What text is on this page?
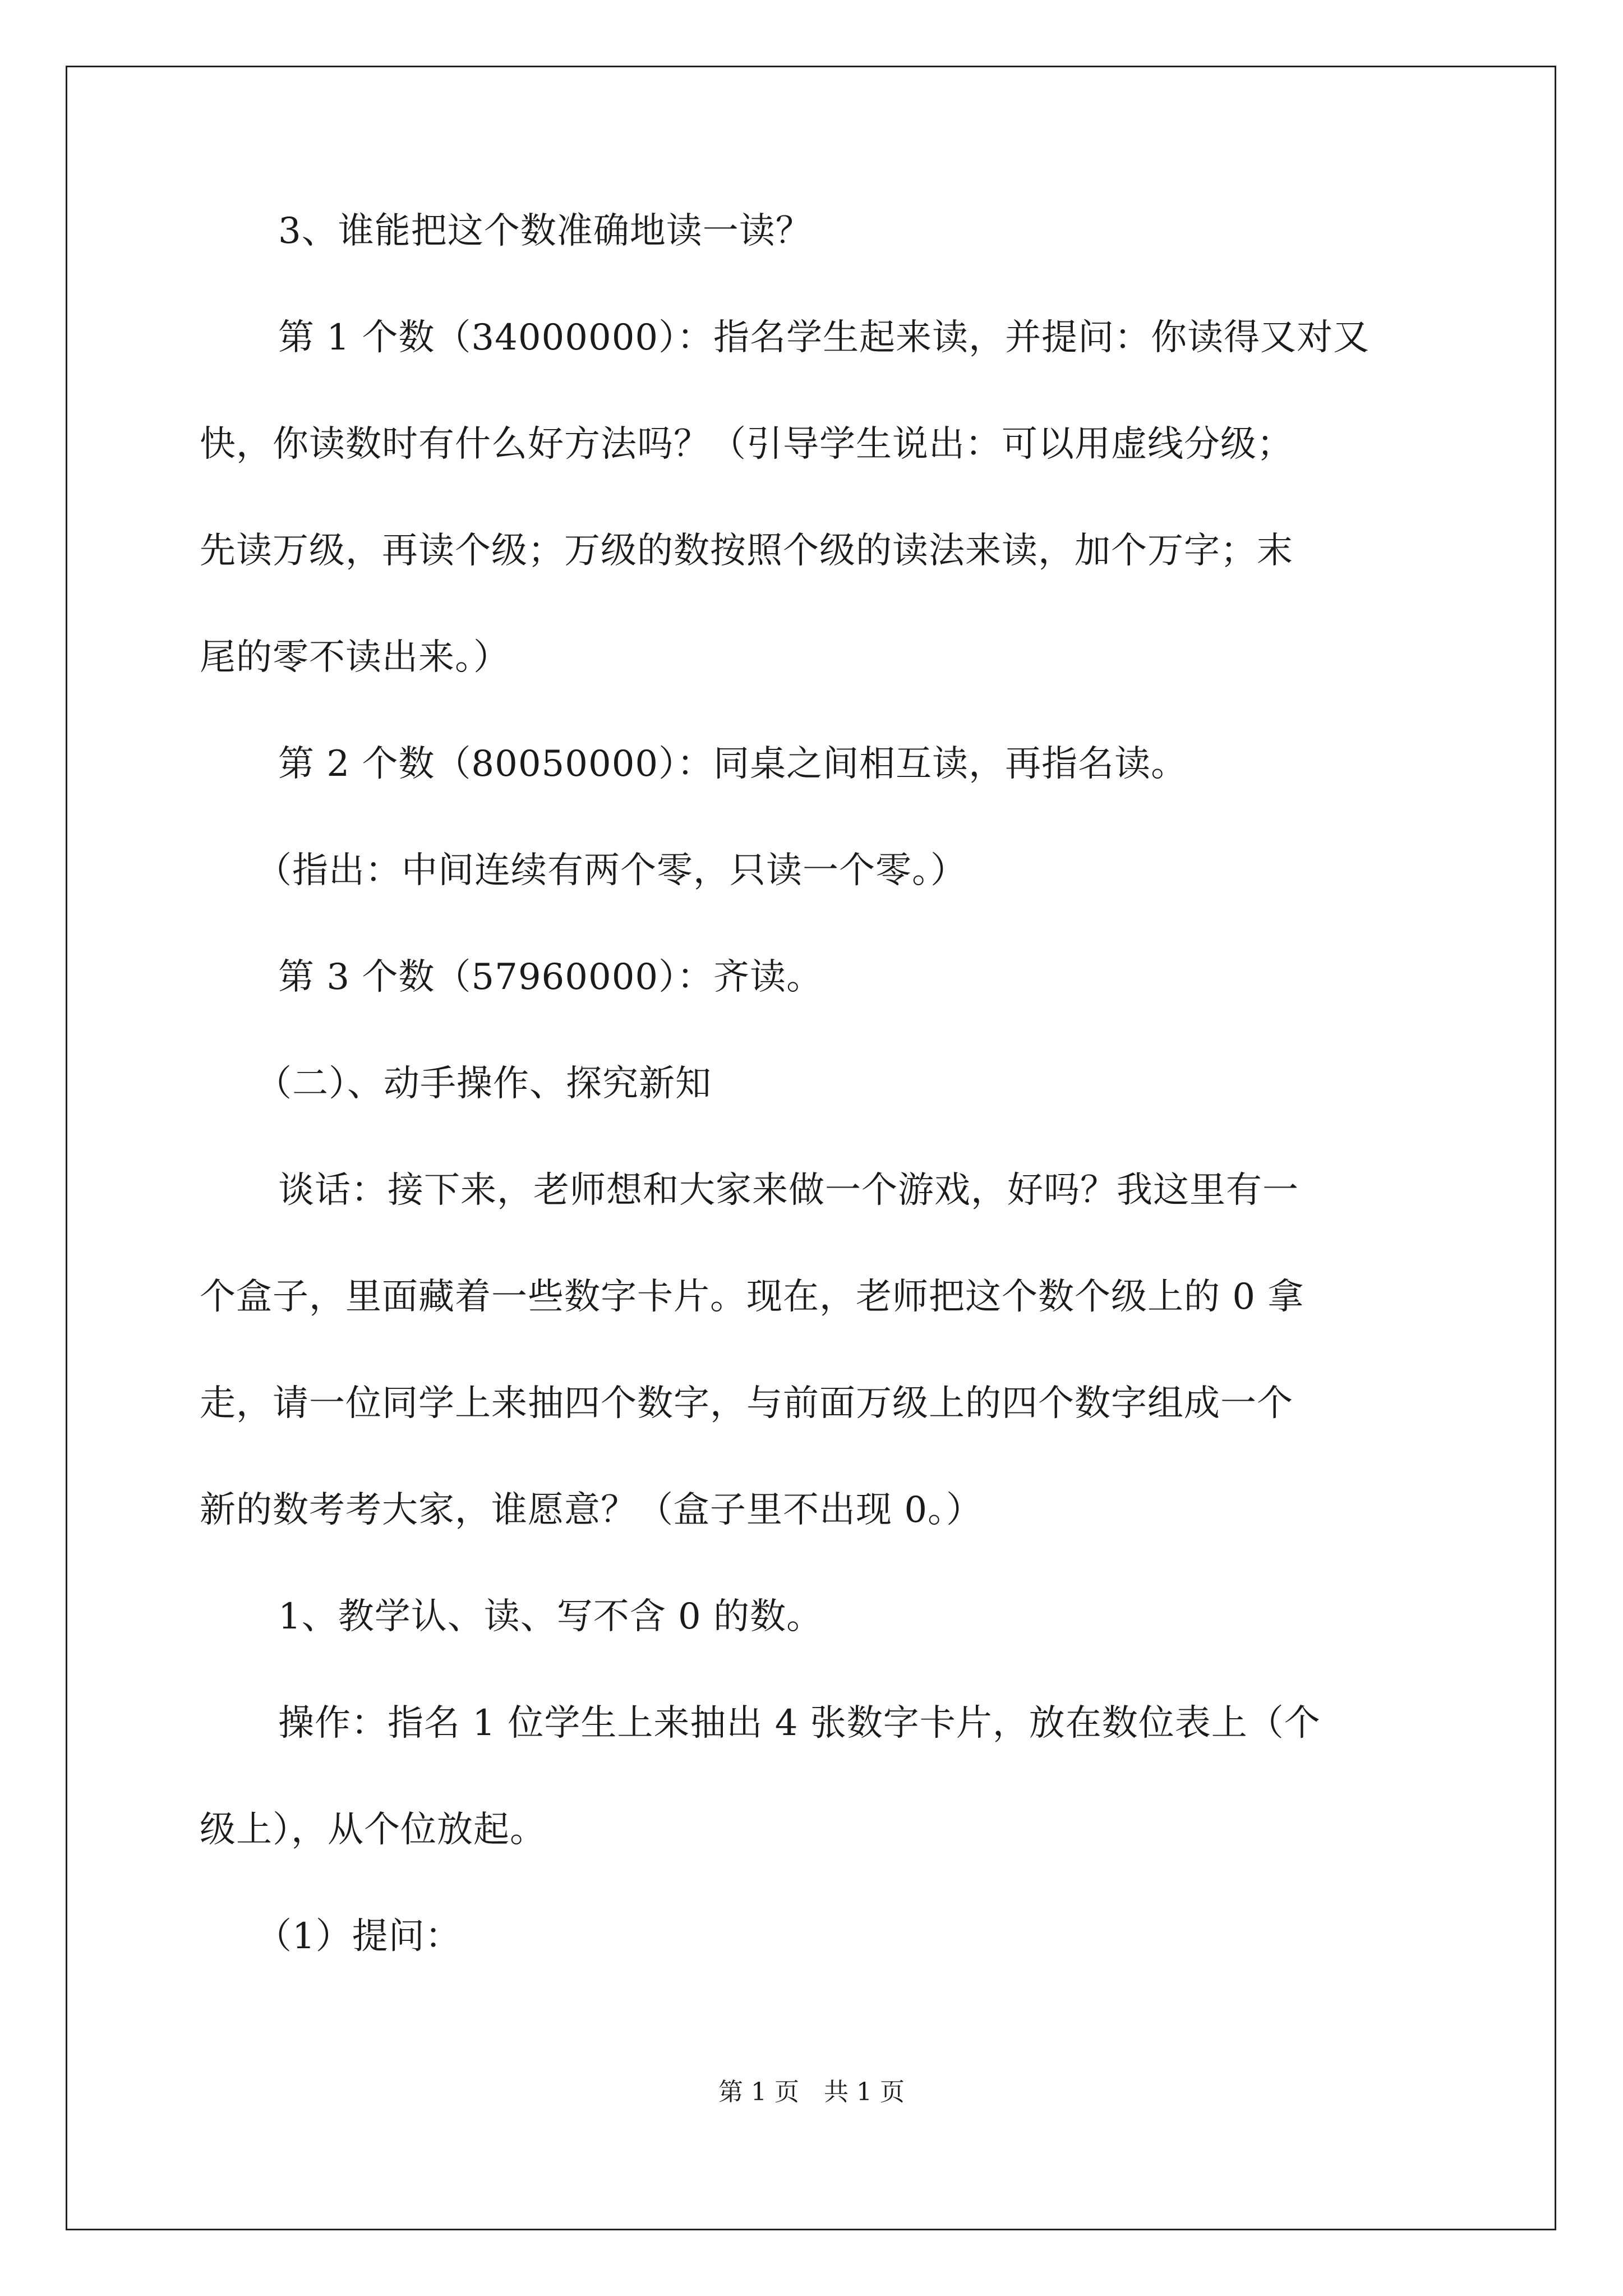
3、谁能把这个数准确地读一读？
第 1 个数（34000000）：指名学生起来读，并提问：你读得又对又
快，你读数时有什么好方法吗？（引导学生说出：可以用虚线分级；
先读万级，再读个级；万级的数按照个级的读法来读，加个万字；末
尾的零不读出来。）
第 2 个数（80050000）：同桌之间相互读，再指名读。
（指出：中间连续有两个零，只读一个零。）
第 3 个数（57960000）：齐读。
（二）、动手操作、探究新知
谈话：接下来，老师想和大家来做一个游戏，好吗？我这里有一
个盒子，里面藏着一些数字卡片。现在，老师把这个数个级上的 0 拿
走，请一位同学上来抽四个数字，与前面万级上的四个数字组成一个
新的数考考大家，谁愿意？（盒子里不出现 0。）
1、教学认、读、写不含 0 的数。
操作：指名 1 位学生上来抽出 4 张数字卡片，放在数位表上（个
级上），从个位放起。
（1）提问：
第 1 页　共 1 页
